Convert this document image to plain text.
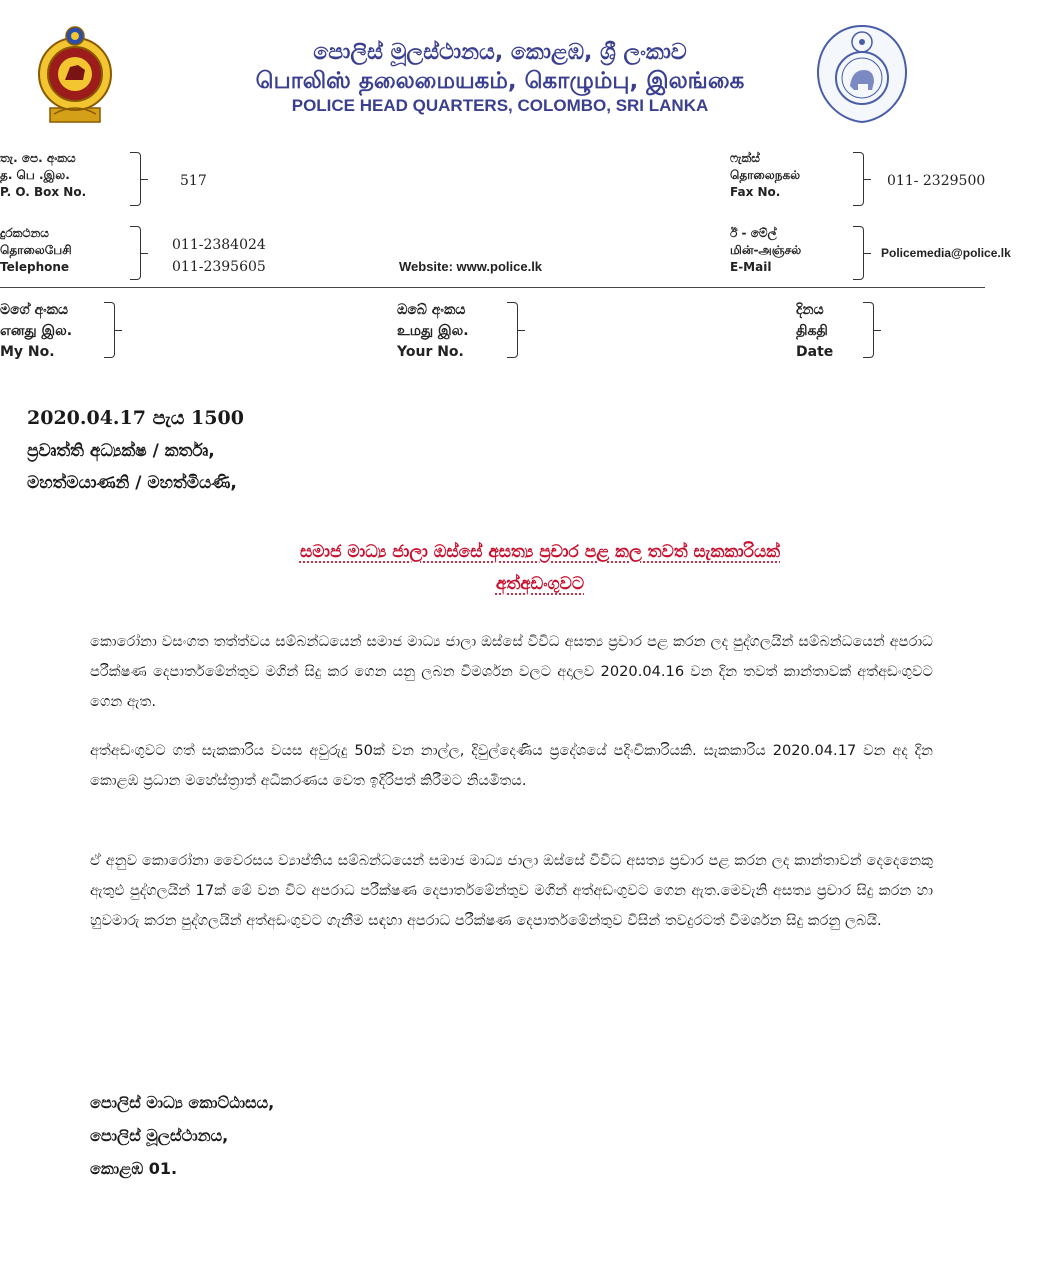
පොලිස් මූලස්ථානය, කොළඹ, ශ්‍රී ලංකාව
பொலிஸ் தலைமையகம், கொழும்பு, இலங்கை
POLICE HEAD QUARTERS, COLOMBO, SRI LANKA
තැ. පෙ. අංකය
த. பெ .இல.
P. O. Box No.
517
දුරකථනය
தொலைபேசி
Telephone
011-2384024
011-2395605	Website: www.police.lk
ෆැක්ස්
தொலைநகல்
Fax No.
011- 2329500
ඊ - මේල්
மின்-அஞ்சல்
E-Mail
Policemedia@police.lk
මගේ අංකය
எனது இல.
My No.
ඔබේ අංකය
உமது இல.
Your No.
දිනය
திகதி
Date
2020.04.17 පැය 1500
ප්‍රවෘත්ති අධ්‍යක්ෂ / කර්තෘ,
මහත්මයාණනි / මහත්මියණි,
සමාජ මාධ්‍ය ජාලා ඔස්සේ අසත්‍ය ප්‍රචාර පළ කල තවත් සැකකාරියක්
අත්අඩංගුවට
කොරෝනා වසංගත තත්ත්වය සම්බන්ධයෙන් සමාජ මාධ්‍ය ජාලා ඔස්සේ විවිධ අසත්‍ය ප්‍රචාර පළ කරන ලද පුද්ගලයින් සම්බන්ධයෙන් අපරාධ පරීක්ෂණ දෙපාර්තමේන්තුව මගින් සිදු කර ගෙන යනු ලබන විමර්ශන වලට අදාලව 2020.04.16 වන දින තවත් කාන්තාවක් අත්අඩංගුවට ගෙන ඇත.
අත්අඩංගුවට ගත් සැකකාරිය වයස අවුරුදු 50ක් වන නාල්ල, දිවුල්දෙණිය ප්‍රදේශයේ පදිංචිකාරියකි. සැකකාරිය 2020.04.17 වන අද දින කොළඹ ප්‍රධාන මහේස්ත්‍රාත් අධිකරණය වෙත ඉදිරිපත් කිරීමට නියමිතය.
ඒ අනුව කොරෝනා වෛරසය ව්‍යාප්තිය සම්බන්ධයෙන් සමාජ මාධ්‍ය ජාලා ඔස්සේ විවිධ අසත්‍ය ප්‍රචාර පළ කරන ලද කාන්තාවන් දෙදෙනෙකු ඇතුළු පුද්ගලයින් 17ක් මේ වන විට අපරාධ පරීක්ෂණ දෙපාර්තමේන්තුව මගින් අත්අඩංගුවට ගෙන ඇත.මෙවැනි අසත්‍ය ප්‍රචාර සිදු කරන හා හුවමාරු කරන පුද්ගලයින් අත්අඩංගුවට ගැනීම සඳහා අපරාධ පරීක්ෂණ දෙපාර්තමේන්තුව විසින් තවදුරටත් විමර්ශන සිදු කරනු ලබයි.
පොලිස් මාධ්‍ය කොට්ඨාසය,
පොලිස් මූලස්ථානය,
කොළඹ 01.
